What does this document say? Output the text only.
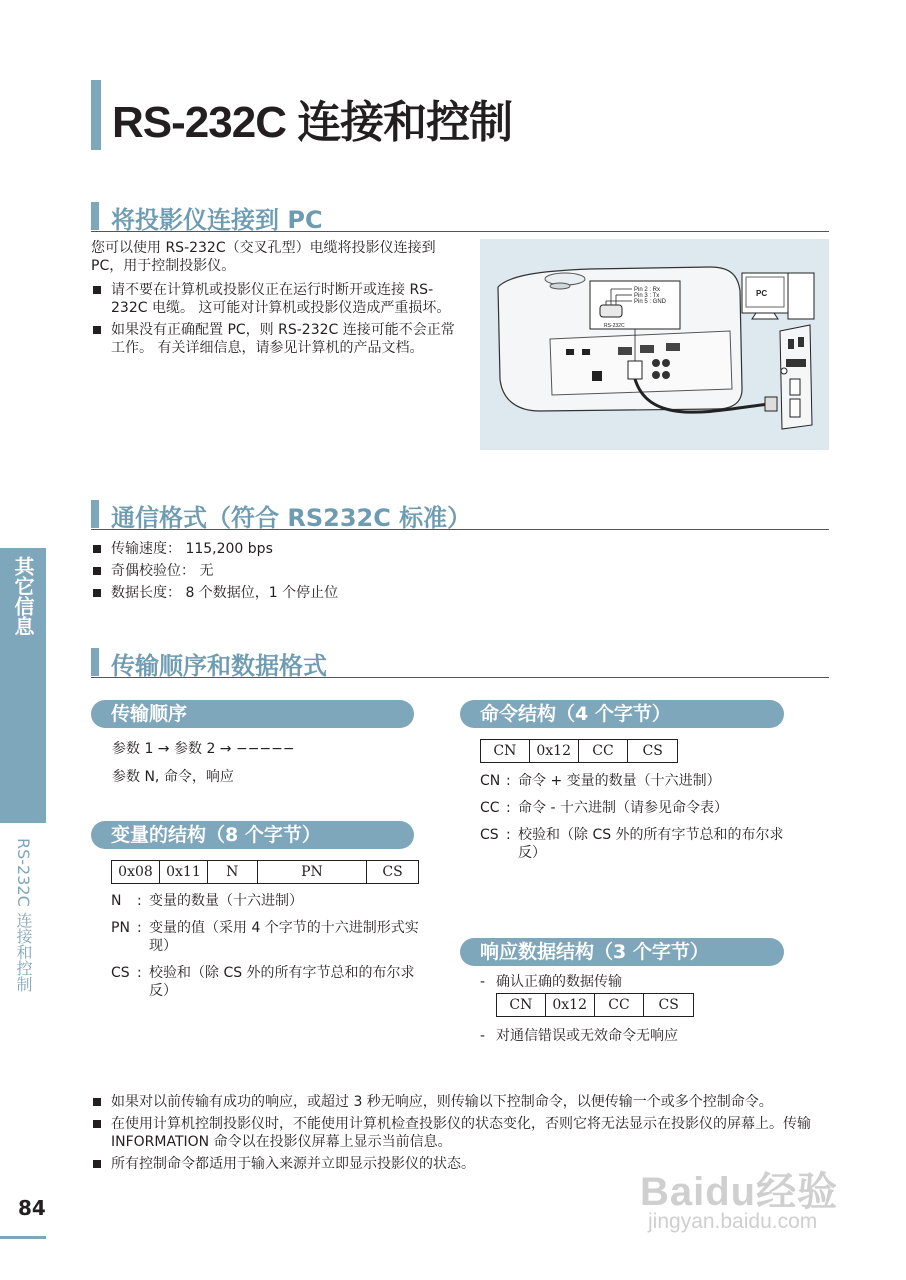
RS-232C 连接和控制
将投影仪连接到 PC

您可以使用 RS-232C（交叉孔型）电缆将投影仪连接到 PC，用于控制投影仪。

请不要在计算机或投影仪正在运行时断开或连接 RS-232C 电缆。 这可能对计算机或投影仪造成严重损坏。
如果没有正确配置 PC，则 RS-232C 连接可能不会正常工作。 有关详细信息，请参见计算机的产品文档。
Pin 2 : Rx
Pin 3 : Tx
Pin 5 : GND
RS-232C
PC
通信格式（符合 RS232C 标准）
传输速度： 115,200 bps
奇偶校验位： 无
数据长度： 8 个数据位，1 个停止位
传输顺序和数据格式
传输顺序

参数 1 → 参数 2 → −−−−−

参数 N, 命令，响应

变量的结构（8 个字节）
0x08	0x11	N	PN	CS
N	: 变量的数量（十六进制）
PN : 变量的值（采用 4 个字节的十六进制形式实现）
CS : 校验和（除 CS 外的所有字节总和的布尔求反）
命令结构（4 个字节）
CN	0x12	CC	CS
CN : 命令 + 变量的数量（十六进制）
CC : 命令 - 十六进制（请参见命令表）
CS : 校验和（除 CS 外的所有字节总和的布尔求反）
响应数据结构（3 个字节）
- 确认正确的数据传输
CN	0x12	CC	CS
- 对通信错误或无效命令无响应
如果对以前传输有成功的响应，或超过 3 秒无响应，则传输以下控制命令，以便传输一个或多个控制命令。
在使用计算机控制投影仪时，不能使用计算机检查投影仪的状态变化，否则它将无法显示在投影仪的屏幕上。传输 INFORMATION 命令以在投影仪屏幕上显示当前信息。
所有控制命令都适用于输入来源并立即显示投影仪的状态。
其它信息
RS-232C 连接和控制
84	Baidu经验
jingyan.baidu.com
